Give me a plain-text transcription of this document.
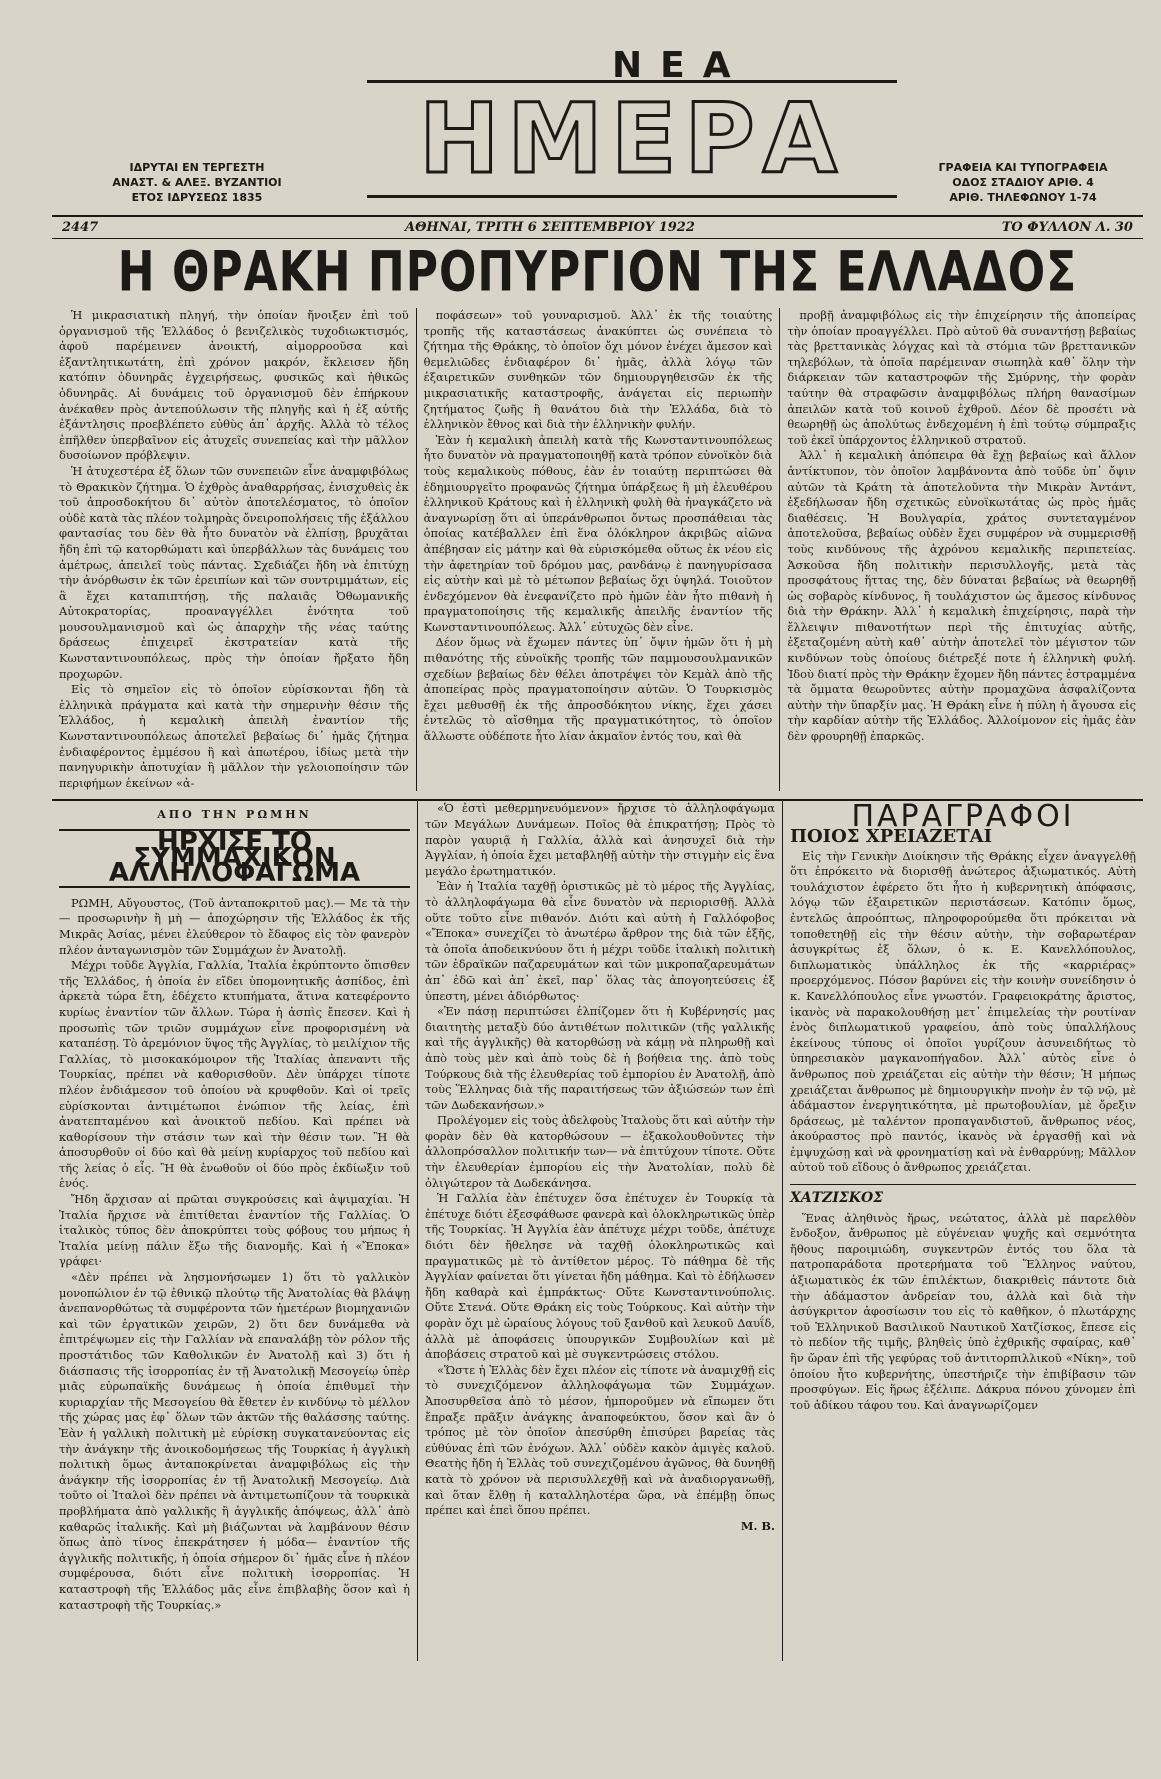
ΝΕΑ
ΗΜΕΡΑ
ΙΔΡΥΤΑΙ ΕΝ ΤΕΡΓΕΣΤΗ
ΑΝΑΣΤ. & ΑΛΕΞ. ΒΥΖΑΝΤΙΟΙ
ΕΤΟΣ ΙΔΡΥΣΕΩΣ 1835
ΓΡΑΦΕΙΑ ΚΑΙ ΤΥΠΟΓΡΑΦΕΙΑ
ΟΔΟΣ ΣΤΑΔΙΟΥ ΑΡΙΘ. 4
ΑΡΙΘ. ΤΗΛΕΦΩΝΟΥ 1-74
2447	ΑΘΗΝΑΙ, ΤΡΙΤΗ 6 ΣΕΠΤΕΜΒΡΙΟΥ 1922	ΤΟ ΦΥΛΛΟΝ Λ. 30
Η ΘΡΑΚΗ ΠΡΟΠΥΡΓΙΟΝ ΤΗΣ ΕΛΛΑΔΟΣ

Ἡ μικρασιατικὴ πληγή, τὴν ὁποίαν ἤνοιξεν ἐπὶ τοῦ ὀργανισμοῦ τῆς Ἑλλάδος ὁ βενιζελικὸς τυχοδιωκτισμός, ἀφοῦ παρέμεινεν ἀνοικτή, αἱμορροοῦσα καὶ ἐξαντλητικωτάτη, ἐπὶ χρόνον μακρόν, ἔκλεισεν ἤδη κατόπιν ὀδυνηρᾶς ἐγχειρήσεως, φυσικῶς καὶ ἠθικῶς ὀδυνηρᾶς. Αἱ δυνάμεις τοῦ ὀργανισμοῦ δὲν ἐπήρκουν ἀνέκαθεν πρὸς ἀντεπούλωσιν τῆς πληγῆς καὶ ἡ ἐξ αὐτῆς ἐξάντλησις προεβλέπετο εὐθὺς ἀπ᾽ ἀρχῆς. Ἀλλὰ τὸ τέλος ἐπῆλθεν ὑπερβαῖνον εἰς ἀτυχεῖς συνεπείας καὶ τὴν μᾶλλον δυσοίωνον πρόβλεψιν.

Ἡ ἀτυχεστέρα ἐξ ὅλων τῶν συνεπειῶν εἶνε ἀναμφιβόλως τὸ Θρακικὸν ζήτημα. Ὁ ἐχθρὸς ἀναθαρρήσας, ἐνισχυθεὶς ἐκ τοῦ ἀπροσδοκήτου δι᾽ αὐτὸν ἀποτελέσματος, τὸ ὁποῖον οὐδὲ κατὰ τὰς πλέον τολμηρὰς ὄνειροπολήσεις τῆς ἐξάλλου φαντασίας του δὲν θὰ ἦτο δυνατὸν νὰ ἐλπίσῃ, βρυχᾶται ἤδη ἐπὶ τῷ κατορθώματι καὶ ὑπερβάλλων τὰς δυνάμεις του ἀμέτρως, ἀπειλεῖ τοὺς πάντας. Σχεδιάζει ἤδη νὰ ἐπιτύχῃ τὴν ἀνόρθωσιν ἐκ τῶν ἐρειπίων καὶ τῶν συντριμμάτων, εἰς ἃ ἔχει καταπιπτήσῃ, τῆς παλαιᾶς Ὀθωμανικῆς Αὐτοκρατορίας, προαναγγέλλει ἑνότητα τοῦ μουσουλμανισμοῦ καὶ ὡς ἀπαρχὴν τῆς νέας ταύτης δράσεως ἐπιχειρεῖ ἐκστρατείαν κατὰ τῆς Κωνσταντινουπόλεως, πρὸς τὴν ὁποίαν ἤρξατο ἤδη προχωρῶν.

Εἰς τὸ σημεῖον εἰς τὸ ὁποῖον εὑρίσκονται ἤδη τὰ ἑλληνικὰ πράγματα καὶ κατὰ τὴν σημερινὴν θέσιν τῆς Ἑλλάδος, ἡ κεμαλικὴ ἀπειλὴ ἐναντίον τῆς Κωνσταντινουπόλεως ἀποτελεῖ βεβαίως δι᾽ ἡμᾶς ζήτημα ἐνδιαφέροντος ἐμμέσου ἢ καὶ ἀπωτέρου, ἰδίως μετὰ τὴν πανηγυρικὴν ἀποτυχίαν ἢ μᾶλλον τὴν γελοιοποίησιν τῶν περιφήμων ἐκείνων «ἀ-

ποφάσεων» τοῦ γουναρισμοῦ. Ἀλλ᾽ ἐκ τῆς τοιαύτης τροπῆς τῆς καταστάσεως ἀνακύπτει ὡς συνέπεια τὸ ζήτημα τῆς Θράκης, τὸ ὁποῖον ὄχι μόνον ἐνέχει ἄμεσον καὶ θεμελιῶδες ἐνδιαφέρον δι᾽ ἡμᾶς, ἀλλὰ λόγῳ τῶν ἐξαιρετικῶν συνθηκῶν τῶν δημιουργηθεισῶν ἐκ τῆς μικρασιατικῆς καταστροφῆς, ἀνάγεται εἰς περιωπὴν ζητήματος ζωῆς ἢ θανάτου διὰ τὴν Ἑλλάδα, διὰ τὸ ἑλληνικὸν ἔθνος καὶ διὰ τὴν ἑλληνικὴν φυλήν.

Ἐὰν ἡ κεμαλικὴ ἀπειλὴ κατὰ τῆς Κωνσταντινουπόλεως ἦτο δυνατὸν νὰ πραγματοποιηθῇ κατὰ τρόπον εὐνοϊκὸν διὰ τοὺς κεμαλικοὺς πόθους, ἐὰν ἐν τοιαύτῃ περιπτώσει θὰ ἐδημιουργεῖτο προφανῶς ζήτημα ὑπάρξεως ἢ μὴ ἐλευθέρου ἑλληνικοῦ Κράτους καὶ ἡ ἑλληνικὴ φυλὴ θὰ ἠναγκάζετο νὰ ἀναγνωρίσῃ ὅτι αἱ ὑπεράνθρωποι ὄντως προσπάθειαι τὰς ὁποίας κατέβαλλεν ἐπὶ ἕνα ὁλόκληρον ἀκριβῶς αἰῶνα ἀπέβησαν εἰς μάτην καὶ θὰ εὑρισκόμεθα οὕτως ἐκ νέου εἰς τὴν ἀφετηρίαν τοῦ δρόμου μας, ρανδάνῳ ὲ πανηγυρίσασα εἰς αὐτὴν καὶ μὲ τὸ μέτωπον βεβαίως ὄχι ὑψηλά. Τοιοῦτον ἐνδεχόμενον θὰ ἐνεφανίζετο πρὸ ἡμῶν ἐὰν ἦτο πιθανὴ ἡ πραγματοποίησις τῆς κεμαλικῆς ἀπειλῆς ἐναντίον τῆς Κωνσταντινουπόλεως. Ἀλλ᾽ εὐτυχῶς δὲν εἶνε.

Δέον ὅμως νὰ ἔχωμεν πάντες ὑπ᾽ ὄψιν ἡμῶν ὅτι ἡ μὴ πιθανότης τῆς εὐνοϊκῆς τροπῆς τῶν παμμουσουλμανικῶν σχεδίων βεβαίως δὲν θέλει ἀποτρέψει τὸν Κεμὰλ ἀπὸ τῆς ἀποπείρας πρὸς πραγματοποίησιν αὐτῶν. Ὁ Τουρκισμὸς ἔχει μεθυσθῇ ἐκ τῆς ἀπροσδόκητου νίκης, ἔχει χάσει ἐντελῶς τὸ αἴσθημα τῆς πραγματικότητος, τὸ ὁποῖον ἄλλωστε οὐδέποτε ἦτο λίαν ἀκμαῖον ἐντός του, καὶ θὰ

προβῇ ἀναμφιβόλως εἰς τὴν ἐπιχείρησιν τῆς ἀποπείρας τὴν ὁποίαν προαγγέλλει. Πρὸ αὐτοῦ θὰ συναντήσῃ βεβαίως τὰς βρεττανικὰς λόγχας καὶ τὰ στόμια τῶν βρεττανικῶν τηλεβόλων, τὰ ὁποῖα παρέμειναν σιωπηλὰ καθ᾽ ὅλην τὴν διάρκειαν τῶν καταστροφῶν τῆς Σμύρνης, τὴν φορὰν ταύτην θὰ στραφῶσιν ἀναμφιβόλως πλήρη θανασίμων ἀπειλῶν κατὰ τοῦ κοινοῦ ἐχθροῦ. Δέον δὲ προσέτι νὰ θεωρηθῇ ὡς ἀπολύτως ἐνδεχομένη ἡ ἐπὶ τούτῳ σύμπραξις τοῦ ἐκεῖ ὑπάρχοντος ἑλληνικοῦ στρατοῦ.

Ἀλλ᾽ ἡ κεμαλικὴ ἀπόπειρα θὰ ἔχῃ βεβαίως καὶ ἄλλον ἀντίκτυπον, τὸν ὁποῖον λαμβάνοντα ἀπὸ τοῦδε ὑπ᾽ ὄψιν αὐτῶν τὰ Κράτη τὰ ἀποτελοῦντα τὴν Μικρὰν Ἀντάντ, ἐξεδήλωσαν ἤδη σχετικῶς εὐνοϊκωτάτας ὡς πρὸς ἡμᾶς διαθέσεις. Ἡ Βουλγαρία, χράτος συντεταγμένον ἀποτελοῦσα, βεβαίως οὐδὲν ἔχει συμφέρον νὰ συμμερισθῇ τοὺς κινδύνους τῆς ἀχρόνου κεμαλικῆς περιπετείας. Ἀσκοῦσα ἤδη πολιτικὴν περισυλλογῆς, μετὰ τὰς προσφάτους ἥττας της, δὲν δύναται βεβαίως νὰ θεωρηθῇ ὡς σοβαρὸς κίνδυνος, ἢ τουλάχιστον ὡς ἄμεσος κίνδυνος διὰ τὴν Θράκην. Ἀλλ᾽ ἡ κεμαλικὴ ἐπιχείρησις, παρὰ τὴν ἔλλειψιν πιθανοτήτων περὶ τῆς ἐπιτυχίας αὐτῆς, ἐξεταζομένη αὐτὴ καθ᾽ αὑτὴν ἀποτελεῖ τὸν μέγιστον τῶν κινδύνων τοὺς ὁποίους διέτρεξέ ποτε ἡ ἑλληνικὴ φυλή. Ἰδοὺ διατί πρὸς τὴν Θράκην ἔχομεν ἤδη πάντες ἐστραμμένα τὰ ὄμματα θεωροῦντες αὐτὴν προμαχῶνα ἀσφαλίζοντα αὐτὴν τὴν ὕπαρξίν μας. Ἡ Θράκη εἶνε ἡ πύλη ἡ ἄγουσα εἰς τὴν καρδίαν αὐτὴν τῆς Ἑλλάδος. Ἀλλοίμονον εἰς ἡμᾶς ἐὰν δὲν φρουρηθῇ ἐπαρκῶς.

ΑΠΟ ΤΗΝ ΡΩΜΗΝ
ΗΡΧΙΣΕ ΤΟ ΣΥΜΜΑΧΙΚΟΝ ΑΛΛΗΛΟΦΑΓΩΜΑ

ΡΩΜΗ, Αὔγουστος, (Τοῦ ἀνταποκριτοῦ μας).— Με τὰ τὴν — προσωρινὴν ἢ μὴ — ἀποχώρησιν τῆς Ἑλλάδος ἐκ τῆς Μικρᾶς Ἀσίας, μένει ἐλεύθερον τὸ ἔδαφος εἰς τὸν φανερὸν πλέον ἀνταγωνισμὸν τῶν Συμμάχων ἐν Ἀνατολῇ.

Μέχρι τοῦδε Ἀγγλία, Γαλλία, Ἰταλία ἐκρύπτοντο ὄπισθεν τῆς Ἑλλάδος, ἡ ὁποία ἐν εἴδει ὑπομονητικῆς ἀσπίδος, ἐπὶ ἀρκετὰ τώρα ἔτη, ἐδέχετο κτυπήματα, ἅτινα κατεφέροντο κυρίως ἐναντίον τῶν ἄλλων. Τώρα ἡ ἀσπὶς ἔπεσεν. Καὶ ἡ προσωπὶς τῶν τριῶν συμμάχων εἶνε προφορισμένη νὰ καταπέσῃ. Τὸ ἀρεμόνιον ὕψος τῆς Ἀγγλίας, τὸ μειλίχιον τῆς Γαλλίας, τὸ μισοκακόμοιρον τῆς Ἰταλίας ἀπεναντι τῆς Τουρκίας, πρέπει νὰ καθορισθοῦν. Δὲν ὑπάρχει τίποτε πλέον ἐνδιάμεσον τοῦ ὁποίου νὰ κρυφθοῦν. Καὶ οἱ τρεῖς εὑρίσκονται ἀντιμέτωποι ἐνώπιον τῆς λείας, ἐπὶ ἀνατεπταμένου καὶ ἀνοικτοῦ πεδίου. Καὶ πρέπει νὰ καθορίσουν τὴν στάσιν των καὶ τὴν θέσιν των. Ἢ θὰ ἀποσυρθοῦν οἱ δύο καὶ θὰ μείνῃ κυρίαρχος τοῦ πεδίου καὶ τῆς λείας ὁ εἷς. Ἢ θὰ ἑνωθοῦν οἱ δύο πρὸς ἐκδίωξιν τοῦ ἑνός.

Ἤδη ἄρχισαν αἱ πρῶται συγκρούσεις καὶ ἀψιμαχίαι. Ἡ Ἰταλία ἤρχισε νὰ ἐπιτίθεται ἐναντίον τῆς Γαλλίας. Ὁ ἰταλικὸς τύπος δὲν ἀποκρύπτει τοὺς φόβους του μήπως ἡ Ἰταλία μείνῃ πάλιν ἔξω τῆς διανομῆς. Καὶ ἡ «Ἔποκα» γράφει·

«Δὲν πρέπει νὰ λησμονήσωμεν 1) ὅτι τὸ γαλλικὸν μονοπώλιον ἐν τῷ ἐθνικῷ πλούτῳ τῆς Ἀνατολίας θὰ βλάψῃ ἀνεπανορθώτως τὰ συμφέροντα τῶν ἡμετέρων βιομηχανιῶν καὶ τῶν ἐργατικῶν χειρῶν, 2) ὅτι δεν δυνάμεθα νὰ ἐπιτρέψωμεν εἰς τὴν Γαλλίαν νὰ επαναλάβῃ τὸν ρόλον τῆς προστάτιδος τῶν Καθολικῶν ἐν Ἀνατολῇ καὶ 3) ὅτι ἡ διάσπασις τῆς ἰσορροπίας ἐν τῇ Ἀνατολικῇ Μεσογείῳ ὑπὲρ μιᾶς εὐρωπαϊκῆς δυνάμεως ἡ ὁποία ἐπιθυμεῖ τὴν κυριαρχίαν τῆς Μεσογείου θὰ ἔθετεν ἐν κινδύνῳ τὸ μέλλον τῆς χώρας μας ἐφ᾽ ὅλων τῶν ἀκτῶν τῆς θαλάσσης ταύτης. Ἐὰν ἡ γαλλικὴ πολιτικὴ μὲ εὐρίσκῃ συγκατανεύοντας εἰς τὴν ἀνάγκην τῆς ἀνοικοδομήσεως τῆς Τουρκίας ἡ ἀγγλικὴ πολιτικὴ ὅμως ἀνταποκρίνεται ἀναμφιβόλως εἰς τὴν ἀνάγκην τῆς ἰσορροπίας ἐν τῇ Ἀνατολικῇ Μεσογείῳ. Διὰ τοῦτο οἱ Ἰταλοὶ δὲν πρέπει νὰ ἀντιμετωπίζουν τὰ τουρκικὰ προβλήματα ἀπὸ γαλλικῆς ἢ ἀγγλικῆς ἀπόψεως, ἀλλ᾽ ἀπὸ καθαρῶς ἰταλικῆς. Καὶ μὴ βιάζωνται νὰ λαμβάνουν θέσιν ὅπως ἀπὸ τίνος ἐπεκράτησεν ἡ μόδα— ἐναντίον τῆς ἀγγλικῆς πολιτικῆς, ἡ ὁποία σήμερον δι᾽ ἡμᾶς εἶνε ἡ πλέον συμφέρουσα, διότι εἶνε πολιτικὴ ἰσορροπίας. Ἡ καταστροφὴ τῆς Ἑλλάδος μᾶς εἶνε ἐπιβλαβὴς ὅσον καὶ ἡ καταστροφὴ τῆς Τουρκίας.»

«Ὁ ἐστὶ μεθερμηνευόμενον» ἤρχισε τὸ ἀλληλοφάγωμα τῶν Μεγάλων Δυνάμεων. Ποῖος θὰ ἐπικρατήσῃ; Πρὸς τὸ παρὸν γαυριᾷ ἡ Γαλλία, ἀλλὰ καὶ ἀνησυχεῖ διὰ τὴν Ἀγγλίαν, ἡ ὁποία ἔχει μεταβληθῇ αὐτὴν τὴν στιγμὴν εἰς ἕνα μεγάλο ἐρωτηματικόν.

Ἐὰν ἡ Ἰταλία ταχθῇ ὁριστικῶς μὲ τὸ μέρος τῆς Ἀγγλίας, τὸ ἀλληλοφάγωμα θὰ εἶνε δυνατὸν νὰ περιορισθῇ. Ἀλλὰ οὕτε τοῦτο εἶνε πιθανόν. Διότι καὶ αὐτὴ ἡ Γαλλόφοβος «Ἔποκα» συνεχίζει τὸ ἀνωτέρω ἄρθρον της διὰ τῶν ἑξῆς, τὰ ὁποῖα ἀποδεικνύουν ὅτι ἡ μέχρι τοῦδε ἰταλικὴ πολιτικὴ τῶν ἐδραϊκῶν παζαρευμάτων καὶ τῶν μικροπαζαρευμάτων ἀπ᾽ ἐδῶ καὶ ἀπ᾽ ἐκεῖ, παρ᾽ ὅλας τὰς ἀπογοητεύσεις ἐξ ὑπεστη, μένει ἀδιόρθωτος·

«Ἐν πάσῃ περιπτώσει ἐλπίζομεν ὅτι ἡ Κυβέρνησίς μας διαιτητὴς μεταξὺ δύο ἀντιθέτων πολιτικῶν (τῆς γαλλικῆς καὶ τῆς ἀγγλικῆς) θὰ κατορθώσῃ νὰ κάμῃ νὰ πληρωθῇ καὶ ἀπὸ τοὺς μὲν καὶ ἀπὸ τοὺς δὲ ἡ βοήθεια της. ἀπὸ τοὺς Τούρκους διὰ τῆς ἐλευθερίας τοῦ ἐμπορίου ἐν Ἀνατολῇ, ἀπὸ τοὺς Ἕλληνας διὰ τῆς παραιτήσεως τῶν ἀξιώσεών των ἐπὶ τῶν Δωδεκανήσων.»

Προλέγομεν εἰς τοὺς ἀδελφοὺς Ἰταλοὺς ὅτι καὶ αὐτὴν τὴν φορὰν δὲν θὰ κατορθώσουν — ἐξακολουθοῦντες τὴν ἀλλοπρόσαλλον πολιτικήν των— νὰ ἐπιτύχουν τίποτε. Οὔτε τὴν ἐλευθερίαν ἐμπορίου εἰς τὴν Ἀνατολίαν, πολὺ δὲ ὀλιγώτερον τὰ Δωδεκάνησα.

Ἡ Γαλλία ἐὰν ἐπέτυχεν ὅσα ἐπέτυχεν ἐν Τουρκίᾳ τὰ ἐπέτυχε διότι ἐξεσφάθωσε φανερὰ καὶ ὁλοκληρωτικῶς ὑπὲρ τῆς Τουρκίας. Ἡ Ἀγγλία ἐὰν ἀπέτυχε μέχρι τοῦδε, ἀπέτυχε διότι δὲν ἤθελησε νὰ ταχθῇ ὁλοκληρωτικῶς καὶ πραγματικῶς μὲ τὸ ἀντίθετον μέρος. Τὸ πάθημα δὲ τῆς Ἀγγλίαν φαίνεται ὅτι γίνεται ἤδη μάθημα. Καὶ τὸ ἐδήλωσεν ἤδη καθαρὰ καὶ ἐμπράκτως· Οὔτε Κωνσταντινούπολις. Οὔτε Στενά. Οὔτε Θράκη εἰς τοὺς Τούρκους. Καὶ αὐτὴν τὴν φορὰν ὄχι μὲ ὡραίους λόγους τοῦ ξανθοῦ καὶ λευκοῦ Δαυΐδ, ἀλλὰ μὲ ἀποφάσεις ὑπουργικῶν Συμβουλίων καὶ μὲ ἀποβάσεις στρατοῦ καὶ μὲ συγκεντρώσεις στόλου.

«Ὥστε ἡ Ἑλλὰς δὲν ἔχει πλέον εἰς τίποτε νὰ ἀναμιχθῇ εἰς τὸ συνεχιζόμενον ἀλληλοφάγωμα τῶν Συμμάχων. Ἀποσυρθεῖσα ἀπὸ τὸ μέσον, ἠμποροῦμεν νὰ εἴπωμεν ὅτι ἔπραξε πρᾶξιν ἀνάγκης ἀναποφεύκτου, ὅσον καὶ ἂν ὁ τρόπος μὲ τὸν ὁποῖον ἀπεσύρθη ἐπισύρει βαρείας τὰς εὐθύνας ἐπὶ τῶν ἐνόχων. Ἀλλ᾽ οὐδὲν κακὸν ἀμιγὲς καλοῦ. Θεατὴς ἤδη ἡ Ἑλλὰς τοῦ συνεχιζομένου ἀγῶνος, θὰ δυνηθῇ κατὰ τὸ χρόνον νὰ περισυλλεχθῇ καὶ νὰ ἀναδιοργανωθῇ, καὶ ὅταν ἔλθῃ ἡ καταλληλοτέρα ὥρα, νὰ ἐπέμβῃ ὅπως πρέπει καὶ ἐπεὶ ὅπου πρέπει.

Μ. Β.
ΠΑΡΑΓΡΑΦΟΙ
ΠΟΙΟΣ ΧΡΕΙΑΖΕΤΑΙ

Εἰς τὴν Γενικὴν Διοίκησιν τῆς Θράκης εἶχεν ἀναγγελθῇ ὅτι ἐπρόκειτο νὰ διορισθῇ ἀνώτερος ἀξιωματικός. Αὐτὴ τουλάχιστον ἐφέρετο ὅτι ἦτο ἡ κυβερνητικὴ ἀπόφασις, λόγῳ τῶν ἐξαιρετικῶν περιστάσεων. Κατόπιν ὅμως, ἐντελῶς ἀπροόπτως, πληροφορούμεθα ὅτι πρόκειται νὰ τοποθετηθῇ εἰς τὴν θέσιν αὐτὴν, τὴν σοβαρωτέραν ἀσυγκρίτως ἐξ ὅλων, ὁ κ. Ε. Κανελλόπουλος, διπλωματικὸς ὑπάλληλος ἐκ τῆς «καρριέρας» προερχόμενος. Πόσον βαρύνει εἰς τὴν κοινὴν συνείδησιν ὁ κ. Κανελλόπουλος εἶνε γνωστόν. Γραφειοκράτης ἄριστος, ἱκανὸς νὰ παρακολουθήσῃ μετ᾽ ἐπιμελείας τὴν ρουτίναν ἑνὸς διπλωματικοῦ γραφείου, ἀπὸ τοὺς ὑπαλλήλους ἐκείνους τύπους οἱ ὁποῖοι γυρίζουν ἀσυνειδήτως τὸ ὑπηρεσιακὸν μαγκανοπήγαδον. Ἀλλ᾽ αὐτὸς εἶνε ὁ ἄνθρωπος ποὺ χρειάζεται εἰς αὐτὴν τὴν θέσιν; Ἡ μήπως χρειάζεται ἄνθρωπος μὲ δημιουργικὴν πνοὴν ἐν τῷ νῷ, μὲ ἀδάμαστον ἐνεργητικότητα, μὲ πρωτοβουλίαν, μὲ ὄρεξιν δράσεως, μὲ ταλέντον προπαγανδιστοῦ, ἄνθρωπος νέος, ἀκούραστος πρὸ παντός, ἱκανὸς νὰ ἐργασθῇ καὶ νὰ ἐμψυχώσῃ καὶ νὰ φρονηματίσῃ καὶ νὰ ἐνθαρρύνῃ; Μᾶλλον αὐτοῦ τοῦ εἴδους ὁ ἄνθρωπος χρειάζεται.

ΧΑΤΖΙΣΚΟΣ

Ἕνας ἀληθινὸς ἥρως, νεώτατος, ἀλλὰ μὲ παρελθὸν ἔνδοξον, ἄνθρωπος μὲ εὐγένειαν ψυχῆς καὶ σεμνότητα ἤθους παροιμιώδη, συγκεντρῶν ἐντός του ὅλα τὰ πατροπαράδοτα προτερήματα τοῦ Ἕλληνος ναύτου, ἀξιωματικὸς ἐκ τῶν ἐπιλέκτων, διακριθεὶς πάντοτε διὰ τὴν ἀδάμαστον ἀνδρείαν του, ἀλλὰ καὶ διὰ τὴν ἀσύγκριτον ἀφοσίωσιν του εἰς τὸ καθῆκον, ὁ πλωτάρχης τοῦ Ἑλληνικοῦ Βασιλικοῦ Ναυτικοῦ Χατζίσκος, ἔπεσε εἰς τὸ πεδίον τῆς τιμῆς, βληθεὶς ὑπὸ ἐχθρικῆς σφαίρας, καθ᾽ ἣν ὥραν ἐπὶ τῆς γεφύρας τοῦ ἀντιτορπιλλικοῦ «Νίκη», τοῦ ὁποίου ἦτο κυβερνήτης, ὑπεστήριζε τὴν ἐπιβίβασιν τῶν προσφύγων. Εἰς ἥρως ἐξέλιπε. Δάκρυα πόνου χύνομεν ἐπὶ τοῦ ἀδίκου τάφου του. Καὶ ἀναγνωρίζομεν
